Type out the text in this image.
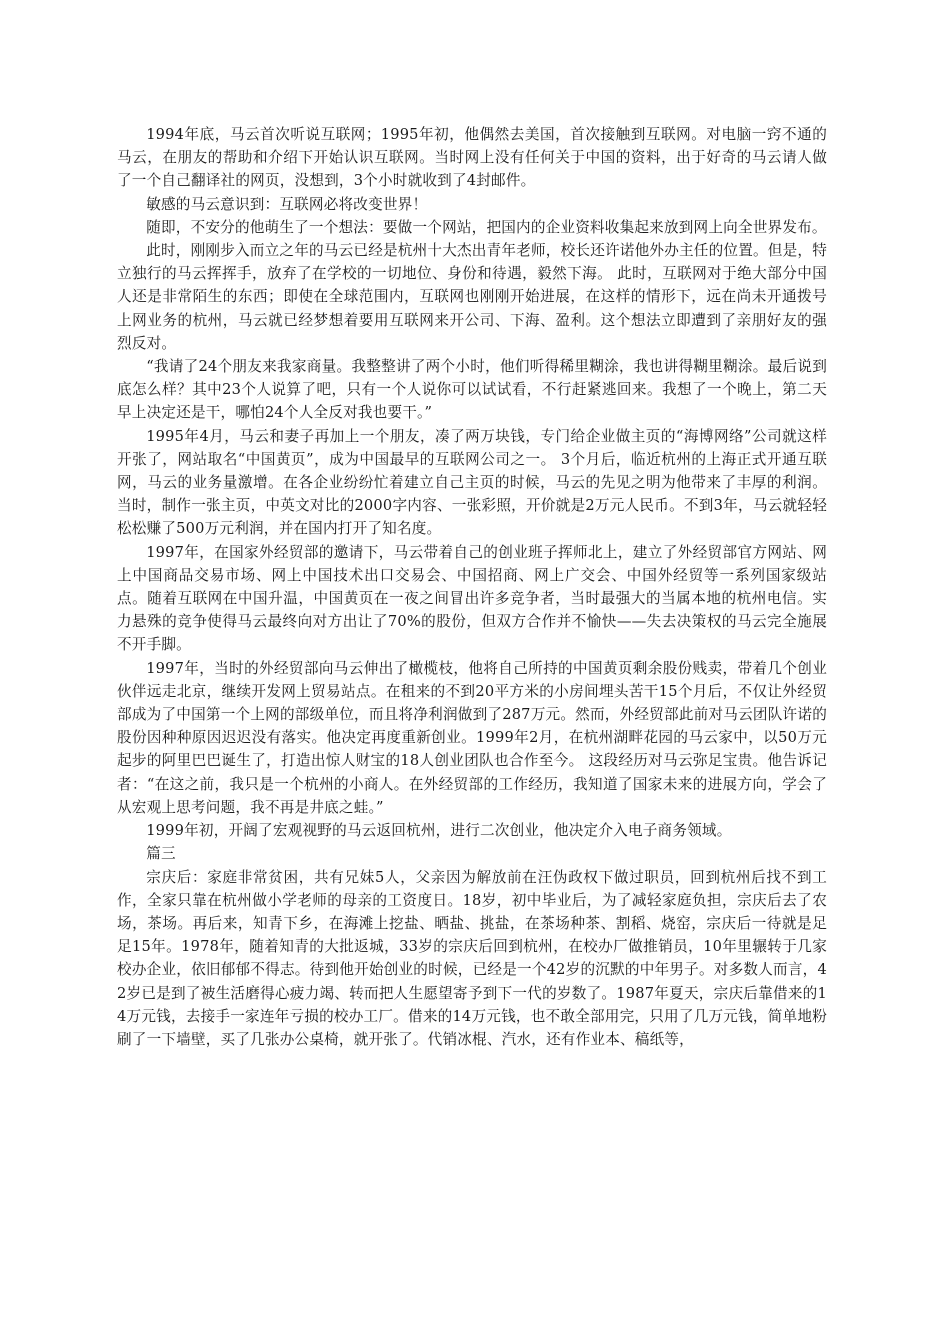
1994年底，马云首次听说互联网；1995年初，他偶然去美国，首次接触到互联网。对电脑一窍不通的马云，在朋友的帮助和介绍下开始认识互联网。当时网上没有任何关于中国的资料，出于好奇的马云请人做了一个自己翻译社的网页，没想到，3个小时就收到了4封邮件。

敏感的马云意识到：互联网必将改变世界！

随即，不安分的他萌生了一个想法：要做一个网站，把国内的企业资料收集起来放到网上向全世界发布。

此时，刚刚步入而立之年的马云已经是杭州十大杰出青年老师，校长还许诺他外办主任的位置。但是，特立独行的马云挥挥手，放弃了在学校的一切地位、身份和待遇，毅然下海。 此时，互联网对于绝大部分中国人还是非常陌生的东西；即使在全球范围内，互联网也刚刚开始进展，在这样的情形下，远在尚未开通拨号上网业务的杭州，马云就已经梦想着要用互联网来开公司、下海、盈利。这个想法立即遭到了亲朋好友的强烈反对。

“我请了24个朋友来我家商量。我整整讲了两个小时，他们听得稀里糊涂，我也讲得糊里糊涂。最后说到底怎么样？其中23个人说算了吧，只有一个人说你可以试试看，不行赶紧逃回来。我想了一个晚上，第二天早上决定还是干，哪怕24个人全反对我也要干。”

1995年4月，马云和妻子再加上一个朋友，凑了两万块钱，专门给企业做主页的“海博网络”公司就这样开张了，网站取名“中国黄页”，成为中国最早的互联网公司之一。 3个月后，临近杭州的上海正式开通互联网，马云的业务量激增。在各企业纷纷忙着建立自己主页的时候，马云的先见之明为他带来了丰厚的利润。当时，制作一张主页，中英文对比的2000字内容、一张彩照，开价就是2万元人民币。不到3年，马云就轻轻松松赚了500万元利润，并在国内打开了知名度。

1997年，在国家外经贸部的邀请下，马云带着自己的创业班子挥师北上，建立了外经贸部官方网站、网上中国商品交易市场、网上中国技术出口交易会、中国招商、网上广交会、中国外经贸等一系列国家级站点。随着互联网在中国升温，中国黄页在一夜之间冒出许多竞争者，当时最强大的当属本地的杭州电信。实力悬殊的竞争使得马云最终向对方出让了70%的股份，但双方合作并不愉快——失去决策权的马云完全施展不开手脚。

1997年，当时的外经贸部向马云伸出了橄榄枝，他将自己所持的中国黄页剩余股份贱卖，带着几个创业伙伴远走北京，继续开发网上贸易站点。在租来的不到20平方米的小房间埋头苦干15个月后，不仅让外经贸部成为了中国第一个上网的部级单位，而且将净利润做到了287万元。然而，外经贸部此前对马云团队许诺的股份因种种原因迟迟没有落实。他决定再度重新创业。1999年2月，在杭州湖畔花园的马云家中，以50万元起步的阿里巴巴诞生了，打造出惊人财宝的18人创业团队也合作至今。 这段经历对马云弥足宝贵。他告诉记者：“在这之前，我只是一个杭州的小商人。在外经贸部的工作经历，我知道了国家未来的进展方向，学会了从宏观上思考问题，我不再是井底之蛙。”

1999年初，开阔了宏观视野的马云返回杭州，进行二次创业，他决定介入电子商务领域。

篇三

宗庆后：家庭非常贫困，共有兄妹5人，父亲因为解放前在汪伪政权下做过职员，回到杭州后找不到工作，全家只靠在杭州做小学老师的母亲的工资度日。18岁，初中毕业后，为了减轻家庭负担，宗庆后去了农场，茶场。再后来，知青下乡，在海滩上挖盐、晒盐、挑盐，在茶场种茶、割稻、烧窑，宗庆后一待就是足足15年。1978年，随着知青的大批返城，33岁的宗庆后回到杭州，在校办厂做推销员，10年里辗转于几家校办企业，依旧郁郁不得志。待到他开始创业的时候，已经是一个42岁的沉默的中年男子。对多数人而言，42岁已是到了被生活磨得心疲力竭、转而把人生愿望寄予到下一代的岁数了。1987年夏天，宗庆后靠借来的14万元钱，去接手一家连年亏损的校办工厂。借来的14万元钱，也不敢全部用完，只用了几万元钱，简单地粉刷了一下墙壁，买了几张办公桌椅，就开张了。代销冰棍、汽水，还有作业本、稿纸等，
